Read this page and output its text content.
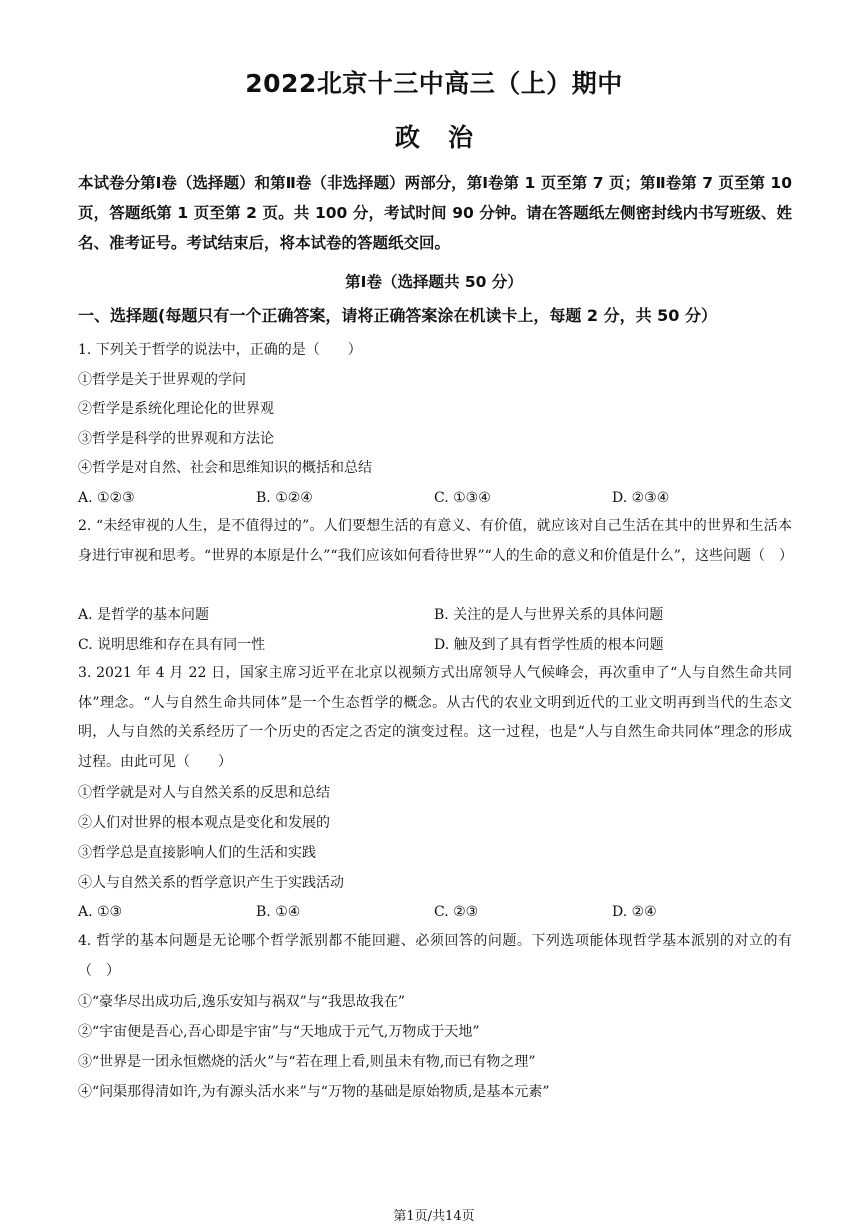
2022北京十三中高三（上）期中
政治
本试卷分第Ⅰ卷（选择题）和第Ⅱ卷（非选择题）两部分，第Ⅰ卷第 1 页至第 7 页；第Ⅱ卷第 7 页至第 10 页，答题纸第 1 页至第 2 页。共 100 分，考试时间 90 分钟。请在答题纸左侧密封线内书写班级、姓名、准考证号。考试结束后，将本试卷的答题纸交回。
第Ⅰ卷（选择题共 50 分）
一、选择题(每题只有一个正确答案，请将正确答案涂在机读卡上，每题 2 分，共 50 分）
1. 下列关于哲学的说法中，正确的是（　　）
①哲学是关于世界观的学问
②哲学是系统化理论化的世界观
③哲学是科学的世界观和方法论
④哲学是对自然、社会和思维知识的概括和总结
A. ①②③	B. ①②④	C. ①③④	D. ②③④
2. “未经审视的人生，是不值得过的”。人们要想生活的有意义、有价值，就应该对自己生活在其中的世界和生活本身进行审视和思考。“世界的本原是什么”“我们应该如何看待世界”“人的生命的意义和价值是什么”，这些问题（　）
A. 是哲学的基本问题	B. 关注的是人与世界关系的具体问题
C. 说明思维和存在具有同一性	D. 触及到了具有哲学性质的根本问题
3. 2021 年 4 月 22 日，国家主席习近平在北京以视频方式出席领导人气候峰会，再次重申了“人与自然生命共同体”理念。“人与自然生命共同体”是一个生态哲学的概念。从古代的农业文明到近代的工业文明再到当代的生态文明，人与自然的关系经历了一个历史的否定之否定的演变过程。这一过程，也是“人与自然生命共同体”理念的形成过程。由此可见（　　）
①哲学就是对人与自然关系的反思和总结
②人们对世界的根本观点是变化和发展的
③哲学总是直接影响人们的生活和实践
④人与自然关系的哲学意识产生于实践活动
A. ①③	B. ①④	C. ②③	D. ②④
4. 哲学的基本问题是无论哪个哲学派别都不能回避、必须回答的问题。下列选项能体现哲学基本派别的对立的有（　）
①“豪华尽出成功后,逸乐安知与祸双”与“我思故我在”
②“宇宙便是吾心,吾心即是宇宙”与“天地成于元气,万物成于天地”
③“世界是一团永恒燃烧的活火”与“若在理上看,则虽未有物,而已有物之理”
④“问渠那得清如许,为有源头活水来”与“万物的基础是原始物质,是基本元素”
第1页/共14页
